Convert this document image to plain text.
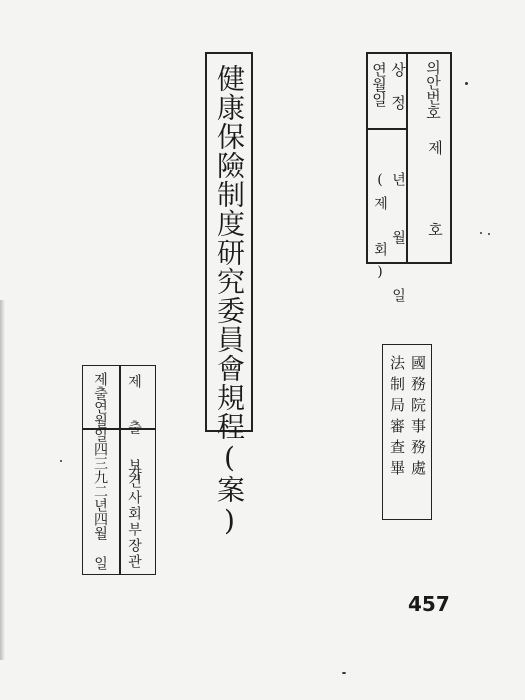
健康保險制度研究委員會規程(案)	의안번호
제
호
상 정
연월일
년 월 일
(제 회)
國務院事務處
法制局審查畢
제 출 자
보건사회부장관
제출연월일
四三九二년四월 일
457
